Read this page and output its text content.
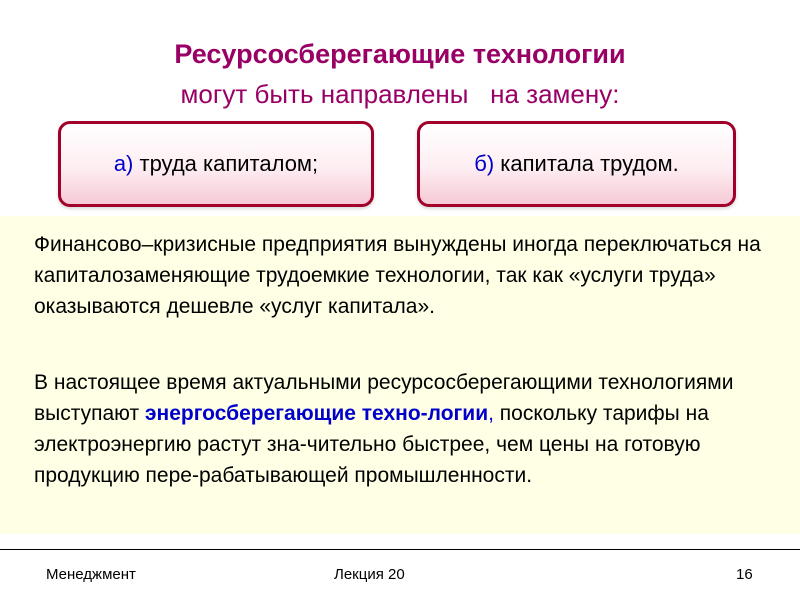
Ресурсосберегающие технологии
могут быть направлены   на замену:
а) труда капиталом;	б) капитала трудом.

Финансово–кризисные предприятия вынуждены иногда переключаться на капиталозаменяющие трудоемкие технологии, так как «услуги труда» оказываются дешевле «услуг капитала».

В настоящее время актуальными ресурсосберегающими технологиями выступают энергосберегающие техно-логии, поскольку тарифы на электроэнергию растут зна-чительно быстрее, чем цены на готовую продукцию пере-рабатывающей промышленности.

Менеджмент	Лекция 20	16
